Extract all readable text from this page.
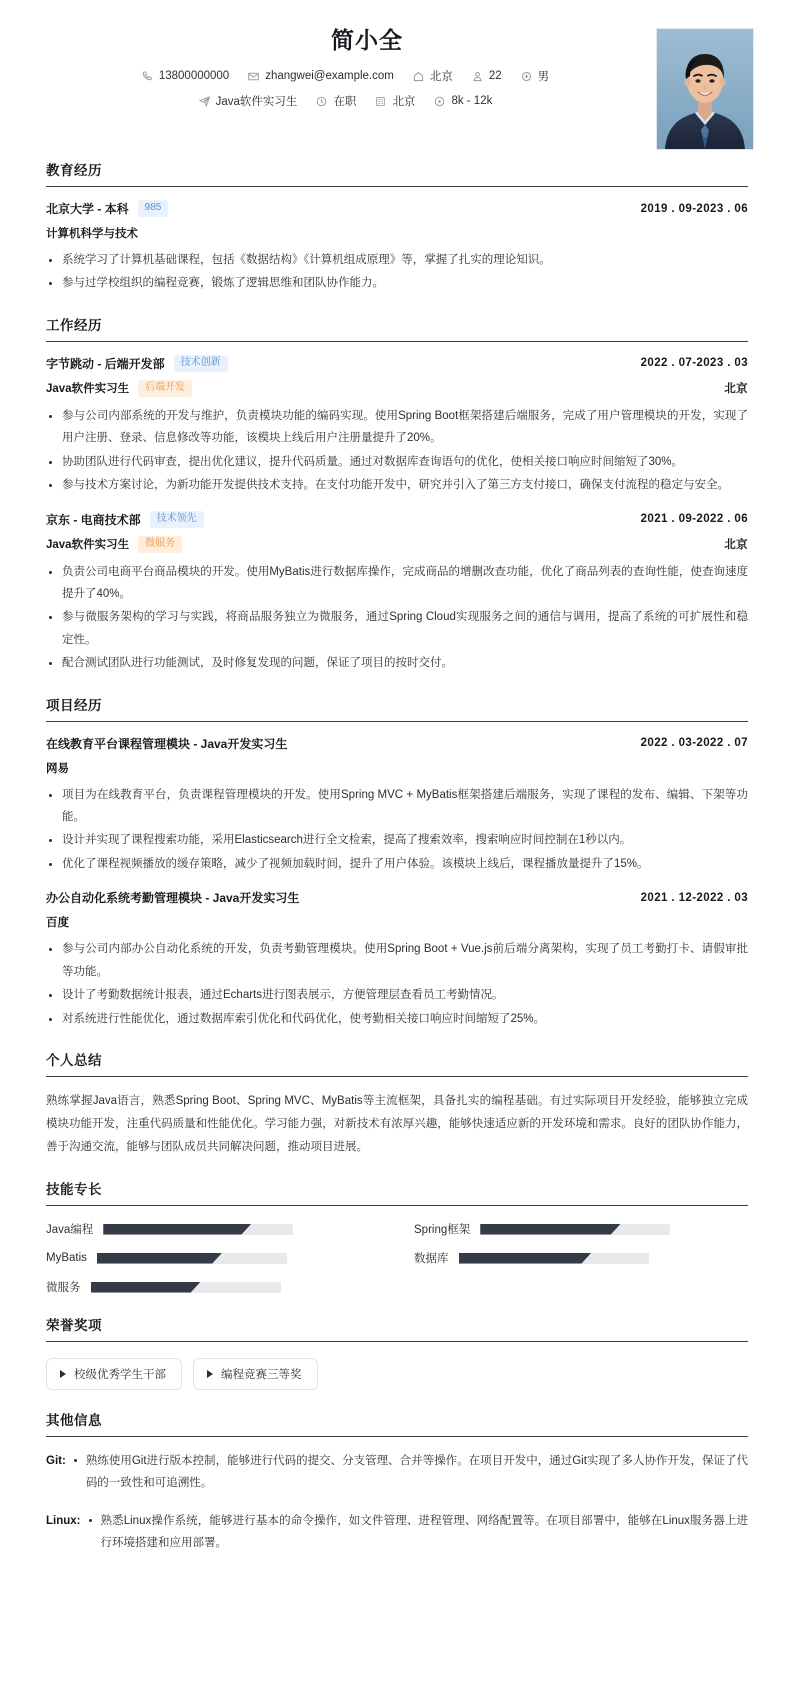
简小全
13800000000	zhangwei@example.com	北京	22	男
Java软件实习生	在职	北京	8k - 12k
教育经历
北京大学 - 本科	985	2019 . 09-2023 . 06
计算机科学与技术
系统学习了计算机基础课程，包括《数据结构》《计算机组成原理》等，掌握了扎实的理论知识。
参与过学校组织的编程竞赛，锻炼了逻辑思维和团队协作能力。
工作经历
字节跳动 - 后端开发部	技术创新	2022 . 07-2023 . 03
Java软件实习生	后端开发	北京
参与公司内部系统的开发与维护，负责模块功能的编码实现。使用Spring Boot框架搭建后端服务，完成了用户管理模块的开发，实现了用户注册、登录、信息修改等功能，该模块上线后用户注册量提升了20%。
协助团队进行代码审查，提出优化建议，提升代码质量。通过对数据库查询语句的优化，使相关接口响应时间缩短了30%。
参与技术方案讨论，为新功能开发提供技术支持。在支付功能开发中，研究并引入了第三方支付接口，确保支付流程的稳定与安全。
京东 - 电商技术部	技术领先	2021 . 09-2022 . 06
Java软件实习生	微服务	北京
负责公司电商平台商品模块的开发。使用MyBatis进行数据库操作，完成商品的增删改查功能，优化了商品列表的查询性能，使查询速度提升了40%。
参与微服务架构的学习与实践，将商品服务独立为微服务，通过Spring Cloud实现服务之间的通信与调用，提高了系统的可扩展性和稳定性。
配合测试团队进行功能测试，及时修复发现的问题，保证了项目的按时交付。
项目经历
在线教育平台课程管理模块 - Java开发实习生	2022 . 03-2022 . 07
网易
项目为在线教育平台，负责课程管理模块的开发。使用Spring MVC + MyBatis框架搭建后端服务，实现了课程的发布、编辑、下架等功能。
设计并实现了课程搜索功能，采用Elasticsearch进行全文检索，提高了搜索效率，搜索响应时间控制在1秒以内。
优化了课程视频播放的缓存策略，减少了视频加载时间，提升了用户体验。该模块上线后，课程播放量提升了15%。
办公自动化系统考勤管理模块 - Java开发实习生	2021 . 12-2022 . 03
百度
参与公司内部办公自动化系统的开发，负责考勤管理模块。使用Spring Boot + Vue.js前后端分离架构，实现了员工考勤打卡、请假审批等功能。
设计了考勤数据统计报表，通过Echarts进行图表展示，方便管理层查看员工考勤情况。
对系统进行性能优化，通过数据库索引优化和代码优化，使考勤相关接口响应时间缩短了25%。
个人总结
熟练掌握Java语言，熟悉Spring Boot、Spring MVC、MyBatis等主流框架，具备扎实的编程基础。有过实际项目开发经验，能够独立完成模块功能开发，注重代码质量和性能优化。学习能力强，对新技术有浓厚兴趣，能够快速适应新的开发环境和需求。良好的团队协作能力，善于沟通交流，能够与团队成员共同解决问题，推动项目进展。
技能专长
Java编程	Spring框架
MyBatis	数据库
微服务
荣誉奖项
校级优秀学生干部	编程竞赛三等奖
其他信息
Git:	熟练使用Git进行版本控制，能够进行代码的提交、分支管理、合并等操作。在项目开发中，通过Git实现了多人协作开发，保证了代码的一致性和可追溯性。
Linux:	熟悉Linux操作系统，能够进行基本的命令操作，如文件管理、进程管理、网络配置等。在项目部署中，能够在Linux服务器上进行环境搭建和应用部署。
